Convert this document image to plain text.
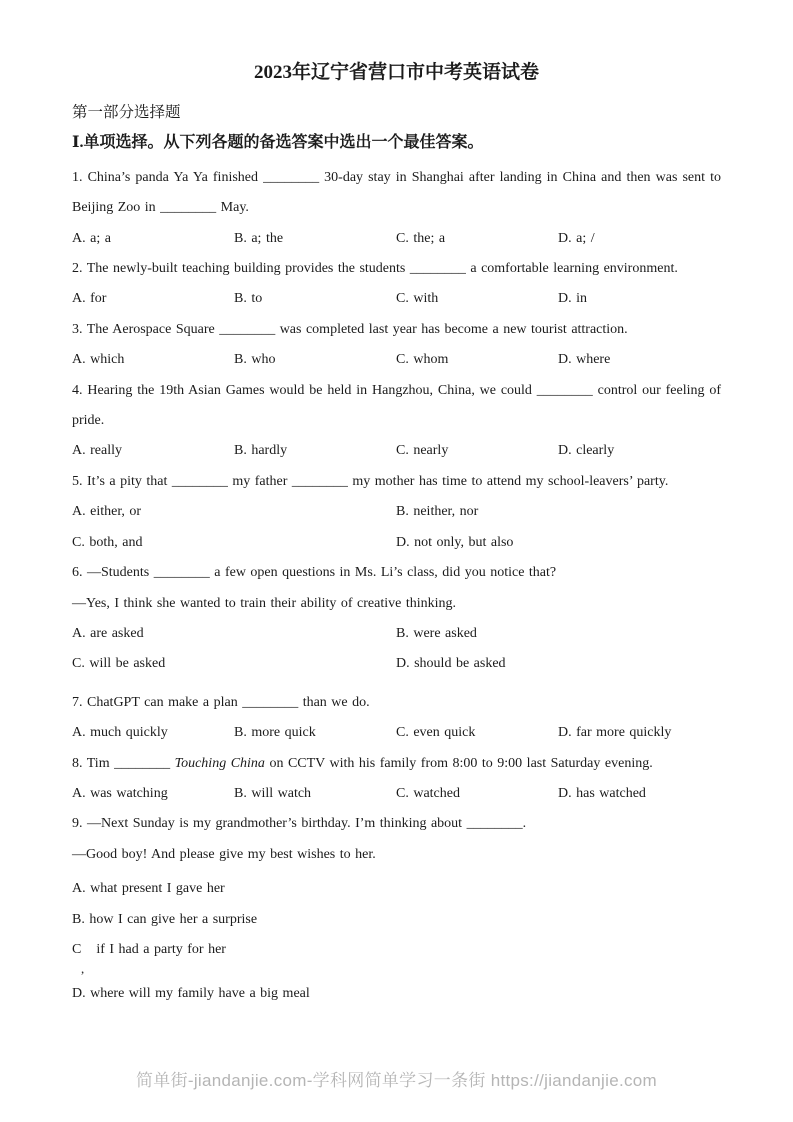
2023年辽宁省营口市中考英语试卷
第一部分选择题
Ⅰ.单项选择。从下列各题的备选答案中选出一个最佳答案。
1. China’s panda Ya Ya finished ________ 30-day stay in Shanghai after landing in China and then was sent to
Beijing Zoo in ________ May.
A. a; a	B. a; the	C. the; a	D. a; /
2. The newly-built teaching building provides the students ________ a comfortable learning environment.
A. for	B. to	C. with	D. in
3. The Aerospace Square ________ was completed last year has become a new tourist attraction.
A. which	B. who	C. whom	D. where
4. Hearing the 19th Asian Games would be held in Hangzhou, China, we could ________ control our feeling of
pride.
A. really	B. hardly	C. nearly	D. clearly
5. It’s a pity that ________ my father ________ my mother has time to attend my school-leavers’ party.
A. either, or	B. neither, nor
C. both, and	D. not only, but also
6. —Students ________ a few open questions in Ms. Li’s class, did you notice that?
—Yes, I think she wanted to train their ability of creative thinking.
A. are asked	B. were asked
C. will be asked	D. should be asked
7. ChatGPT can make a plan ________ than we do.
A. much quickly	B. more quick	C. even quick	D. far more quickly
8. Tim ________ Touching China on CCTV with his family from 8:00 to 9:00 last Saturday evening.
A. was watching	B. will watch	C. watched	D. has watched
9. —Next Sunday is my grandmother’s birthday. I’m thinking about ________.
—Good boy! And please give my best wishes to her.
A. what present I gave her
B. how I can give her a surprise
C if I had a party for her
,
D. where will my family have a big meal
简单街-jiandanjie.com-学科网简单学习一条街 https://jiandanjie.com
